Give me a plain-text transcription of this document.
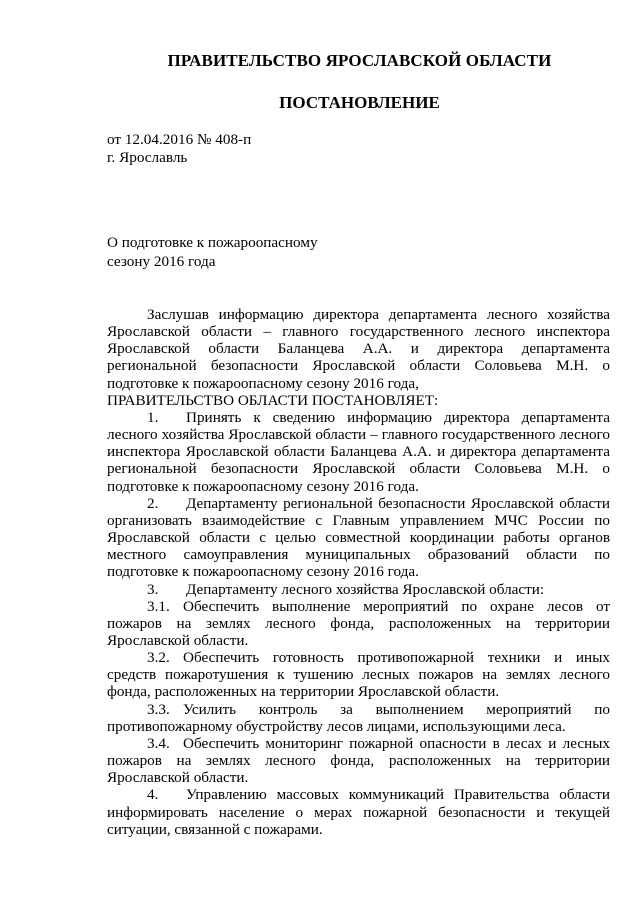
ПРАВИТЕЛЬСТВО ЯРОСЛАВСКОЙ ОБЛАСТИ
ПОСТАНОВЛЕНИЕ
от 12.04.2016 № 408-п
г. Ярославль
О подготовке к пожароопасному
сезону 2016 года

Заслушав информацию директора департамента лесного хозяйства Ярославской области – главного государственного лесного инспектора Ярославской области Баланцева А.А. и директора департамента региональной безопасности Ярославской области Соловьева М.Н. о подготовке к пожароопасному сезону 2016 года,

ПРАВИТЕЛЬСТВО ОБЛАСТИ ПОСТАНОВЛЯЕТ:

1. Принять к сведению информацию директора департамента лесного хозяйства Ярославской области – главного государственного лесного инспектора Ярославской области Баланцева А.А. и директора департамента региональной безопасности Ярославской области Соловьева М.Н. о подготовке к пожароопасному сезону 2016 года.

2. Департаменту региональной безопасности Ярославской области организовать взаимодействие с Главным управлением МЧС России по Ярославской области с целью совместной координации работы органов местного самоуправления муниципальных образований области по подготовке к пожароопасному сезону 2016 года.

3. Департаменту лесного хозяйства Ярославской области:

3.1. Обеспечить выполнение мероприятий по охране лесов от пожаров на землях лесного фонда, расположенных на территории Ярославской области.

3.2. Обеспечить готовность противопожарной техники и иных средств пожаротушения к тушению лесных пожаров на землях лесного фонда, расположенных на территории Ярославской области.

3.3. Усилить контроль за выполнением мероприятий по противопожарному обустройству лесов лицами, использующими леса.

3.4. Обеспечить мониторинг пожарной опасности в лесах и лесных пожаров на землях лесного фонда, расположенных на территории Ярославской области.

4. Управлению массовых коммуникаций Правительства области информировать население о мерах пожарной безопасности и текущей ситуации, связанной с пожарами.
